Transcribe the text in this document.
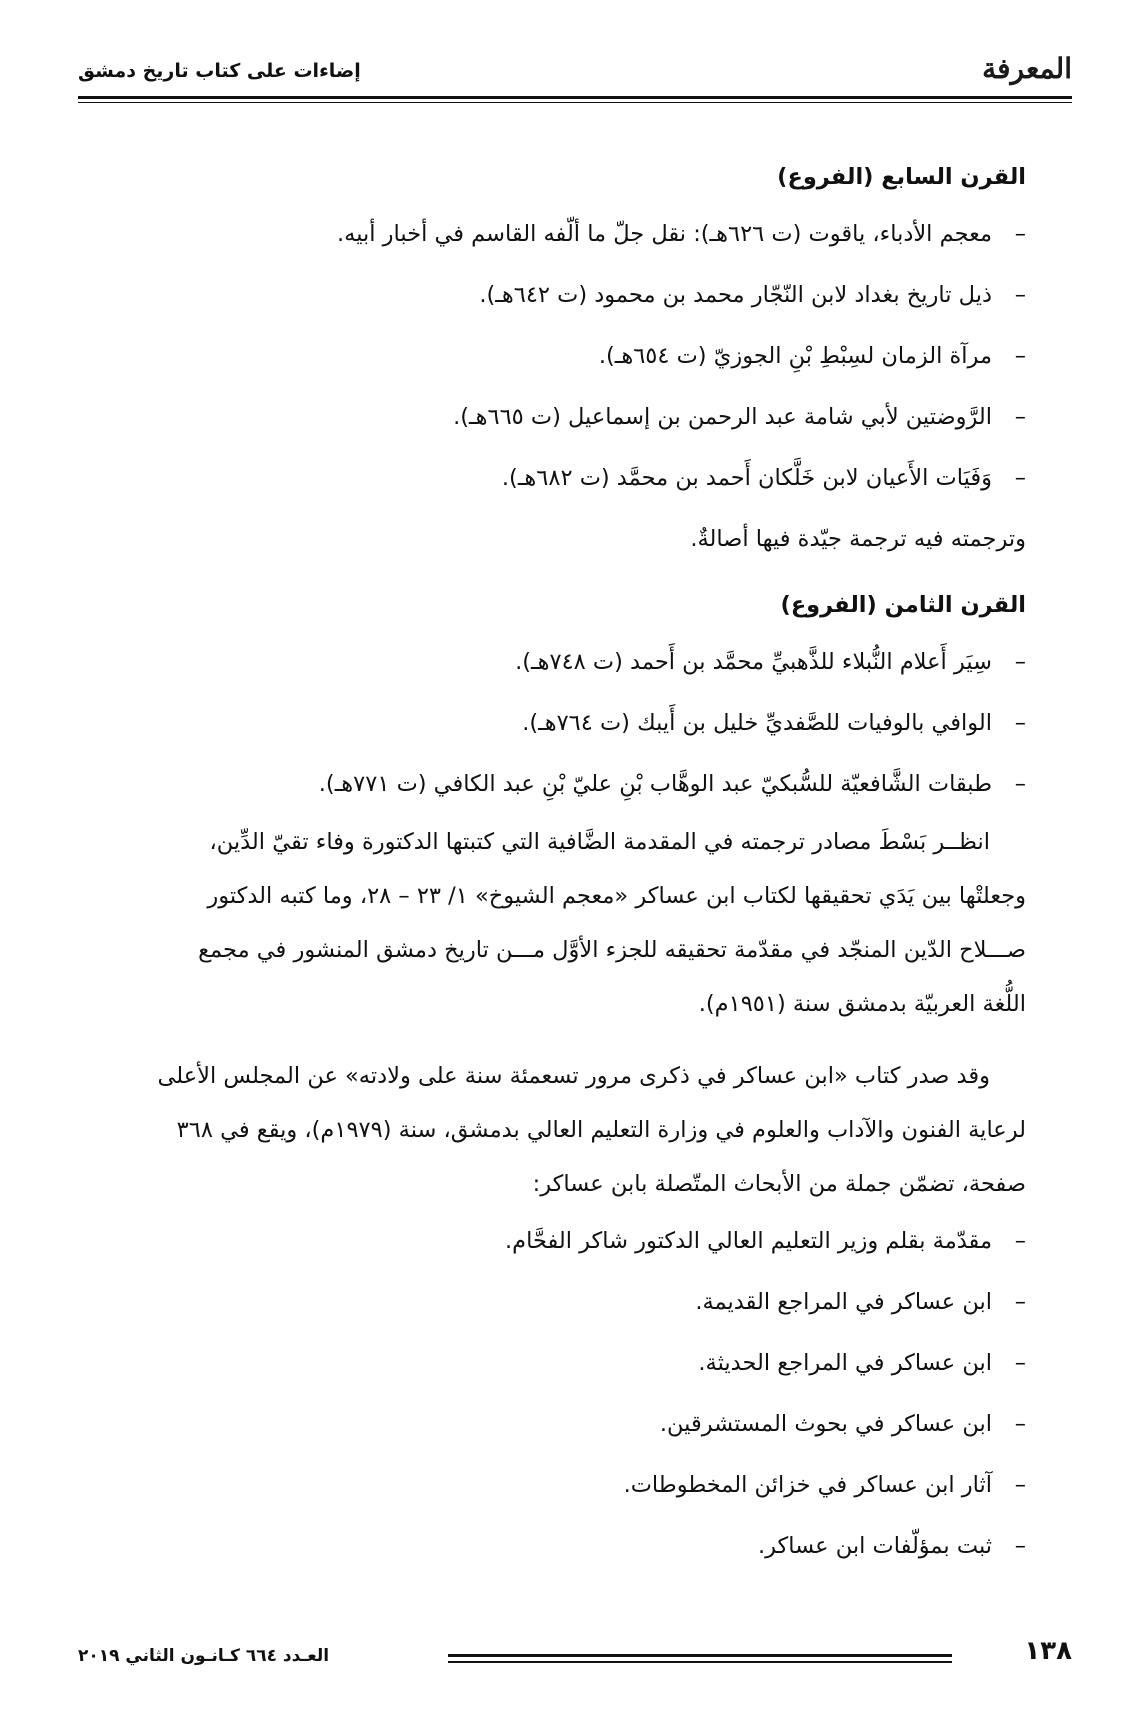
المعرفة
إضاءات على كتاب تاريخ دمشق
القرن السابع (الفروع)
–معجم الأدباء، ياقوت (ت ٦٢٦هـ): نقل جلّ ما ألّفه القاسم في أخبار أبيه.
–ذيل تاريخ بغداد لابن النّجّار محمد بن محمود (ت ٦٤٢هـ).
–مرآة الزمان لسِبْطِ بْنِ الجوزيّ (ت ٦٥٤هـ).
–الرَّوضتين لأبي شامة عبد الرحمن بن إسماعيل (ت ٦٦٥هـ).
–وَفَيَات الأَعيان لابن خَلَّكان أَحمد بن محمَّد (ت ٦٨٢هـ).
وترجمته فيه ترجمة جيّدة فيها أصالةٌ.
القرن الثامن (الفروع)
–سِيَر أَعلام النُّبلاء للذَّهبيِّ محمَّد بن أَحمد (ت ٧٤٨هـ).
–الوافي بالوفيات للصَّفديِّ خليل بن أَيبك (ت ٧٦٤هـ).
–طبقات الشَّافعيّة للسُّبكيّ عبد الوهَّاب بْنِ عليّ بْنِ عبد الكافي (ت ٧٧١هـ).
انظــر بَسْطَ مصادر ترجمته في المقدمة الضَّافية التي كتبتها الدكتورة وفاء تقيّ الدِّين،
وجعلتْها بين يَدَي تحقيقها لكتاب ابن عساكر «معجم الشيوخ» ١/ ٢٣ – ٢٨، وما كتبه الدكتور
صـــلاح الدّين المنجّد في مقدّمة تحقيقه للجزء الأوَّل مـــن تاريخ دمشق المنشور في مجمع
اللُّغة العربيّة بدمشق سنة (١٩٥١م).
وقد صدر كتاب «ابن عساكر في ذكرى مرور تسعمئة سنة على ولادته» عن المجلس الأعلى
لرعاية الفنون والآداب والعلوم في وزارة التعليم العالي بدمشق، سنة (١٩٧٩م)، ويقع في ٣٦٨
صفحة، تضمّن جملة من الأبحاث المتّصلة بابن عساكر:
–مقدّمة بقلم وزير التعليم العالي الدكتور شاكر الفحَّام.
–ابن عساكر في المراجع القديمة.
–ابن عساكر في المراجع الحديثة.
–ابن عساكر في بحوث المستشرقين.
–آثار ابن عساكر في خزائن المخطوطات.
–ثبت بمؤلّفات ابن عساكر.
١٣٨
العـدد ٦٦٤ كـانـون الثاني ٢٠١٩
